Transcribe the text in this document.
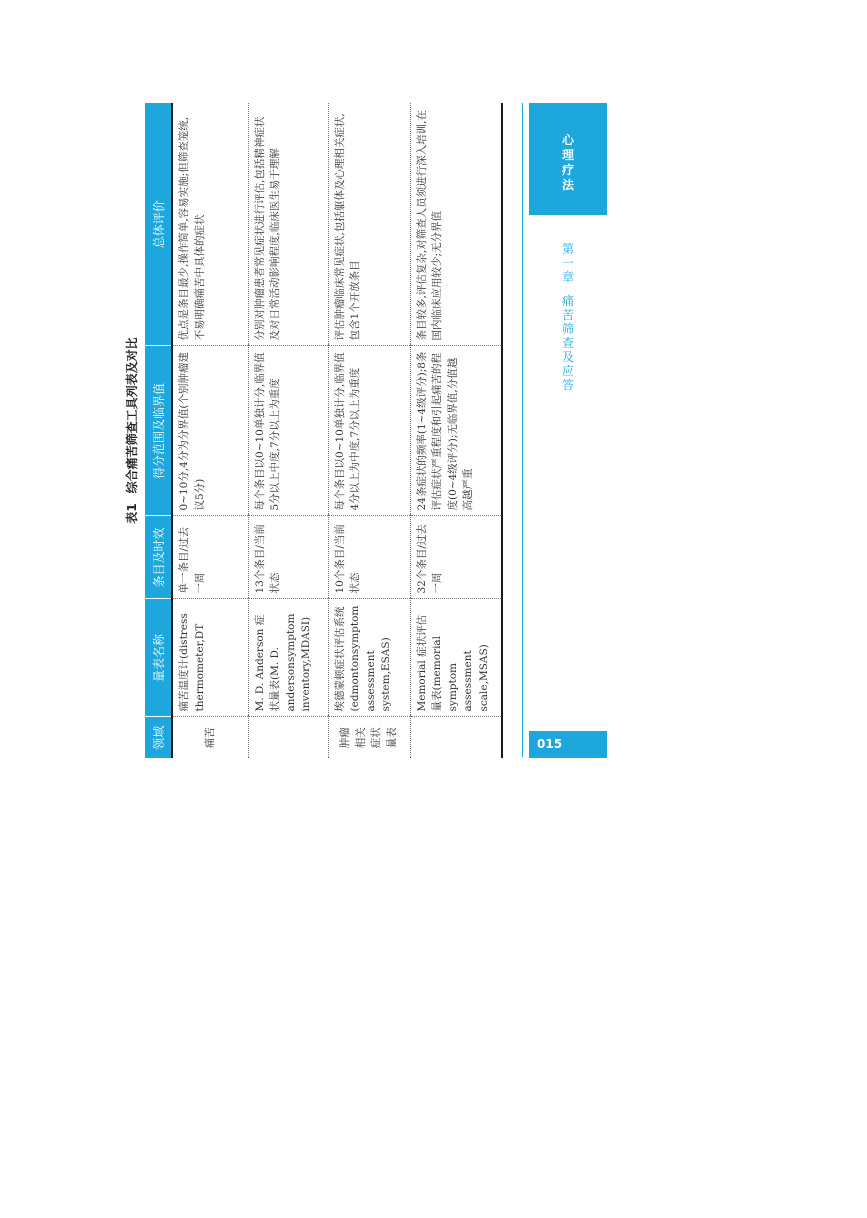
表1综合痛苦筛查工具列表及对比
领域	量表名称	条目及时效	得分范围及临界值	总体评价
痛苦	痛苦温度计(distress thermometer,DT	单一条目/过去一周	0~10分,4分为分界值(个别肿瘤建议5分)	优点是条目最少,操作简单,容易实施;但筛查笼统,不易明确痛苦中具体的症状
	M. D. Anderson 症状量表(M. D. andersonsymptom inventory,MDASI)	13个条目/当前状态	每个条目以0~10单独计分,临界值5分以上中度,7分以上为重度	分别对肿瘤患者常见症状进行评估,包括精神症状及对日常活动影响程度,临床医生易于理解
肿瘤相关症状量表	埃德蒙顿症状评估系统(edmontonsymptom assessment system,ESAS)	10个条目/当前状态	每个条目以0~10单独计分,临界值4分以上为中度,7分以上为重度	评估肿瘤临床常见症状,包括躯体及心理相关症状,包含1个开放条目
	Memorial 症状评估量表(memorial symptom assessment scale,MSAS)	32个条目/过去一周	24条症状的频率(1~4级评分);8条评估症状严重程度和引起痛苦的程度(0~4级评分);无临界值,分值越高越严重	条目较多,评估复杂,对筛查人员须进行深入培训,在国内临床应用较少;无分界值
心
理
疗
法
第
一
章
痛
苦
筛
查
及
应
答
015
